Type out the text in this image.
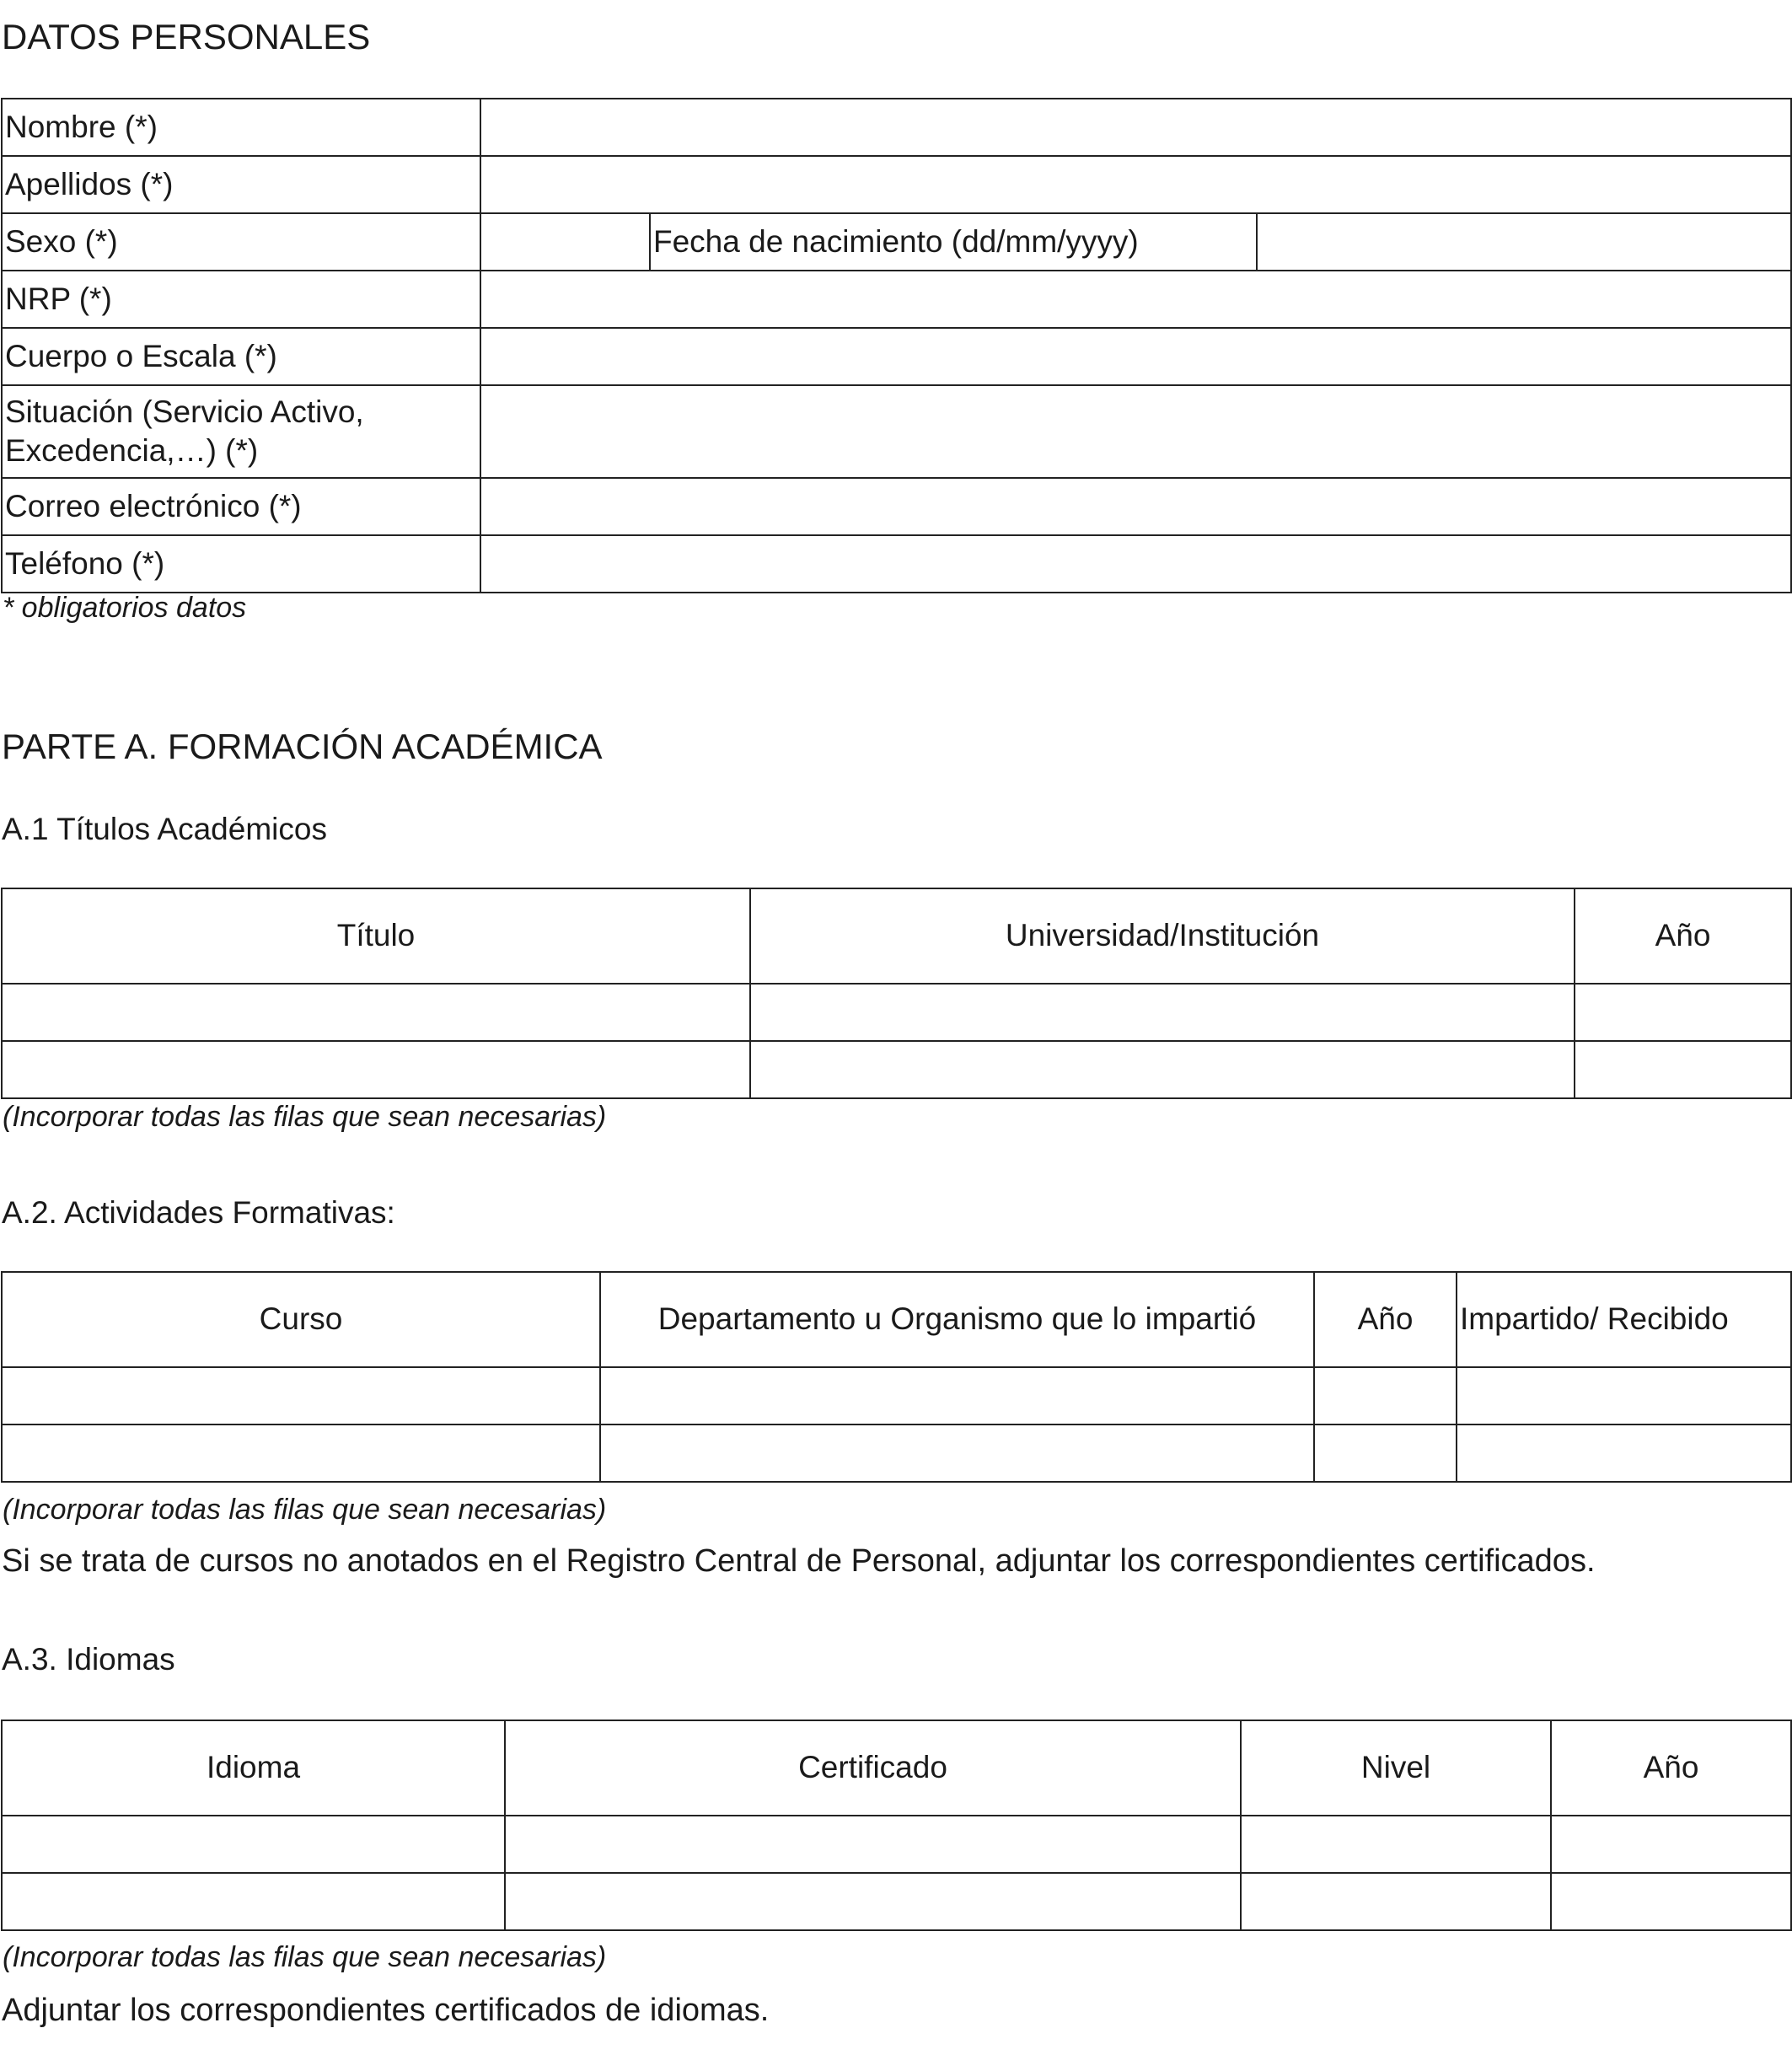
DATOS PERSONALES
Nombre (*)			
Apellidos (*)			
Sexo (*)		Fecha de nacimiento (dd/mm/yyyy)	
NRP (*)			
Cuerpo o Escala (*)			

Situación (Servicio Activo,
Excedencia,…) (*)			

Correo electrónico (*)			
Teléfono (*)			
* obligatorios datos
PARTE A. FORMACIÓN ACADÉMICA
A.1 Títulos Académicos
Título	Universidad/Institución	Año

(Incorporar todas las filas que sean necesarias)
A.2. Actividades Formativas:
Curso	Departamento u Organismo que lo impartió	Año	Impartido/ Recibido

(Incorporar todas las filas que sean necesarias)
Si se trata de cursos no anotados en el Registro Central de Personal, adjuntar los correspondientes certificados.
A.3. Idiomas
Idioma	Certificado	Nivel	Año

(Incorporar todas las filas que sean necesarias)
Adjuntar los correspondientes certificados de idiomas.
